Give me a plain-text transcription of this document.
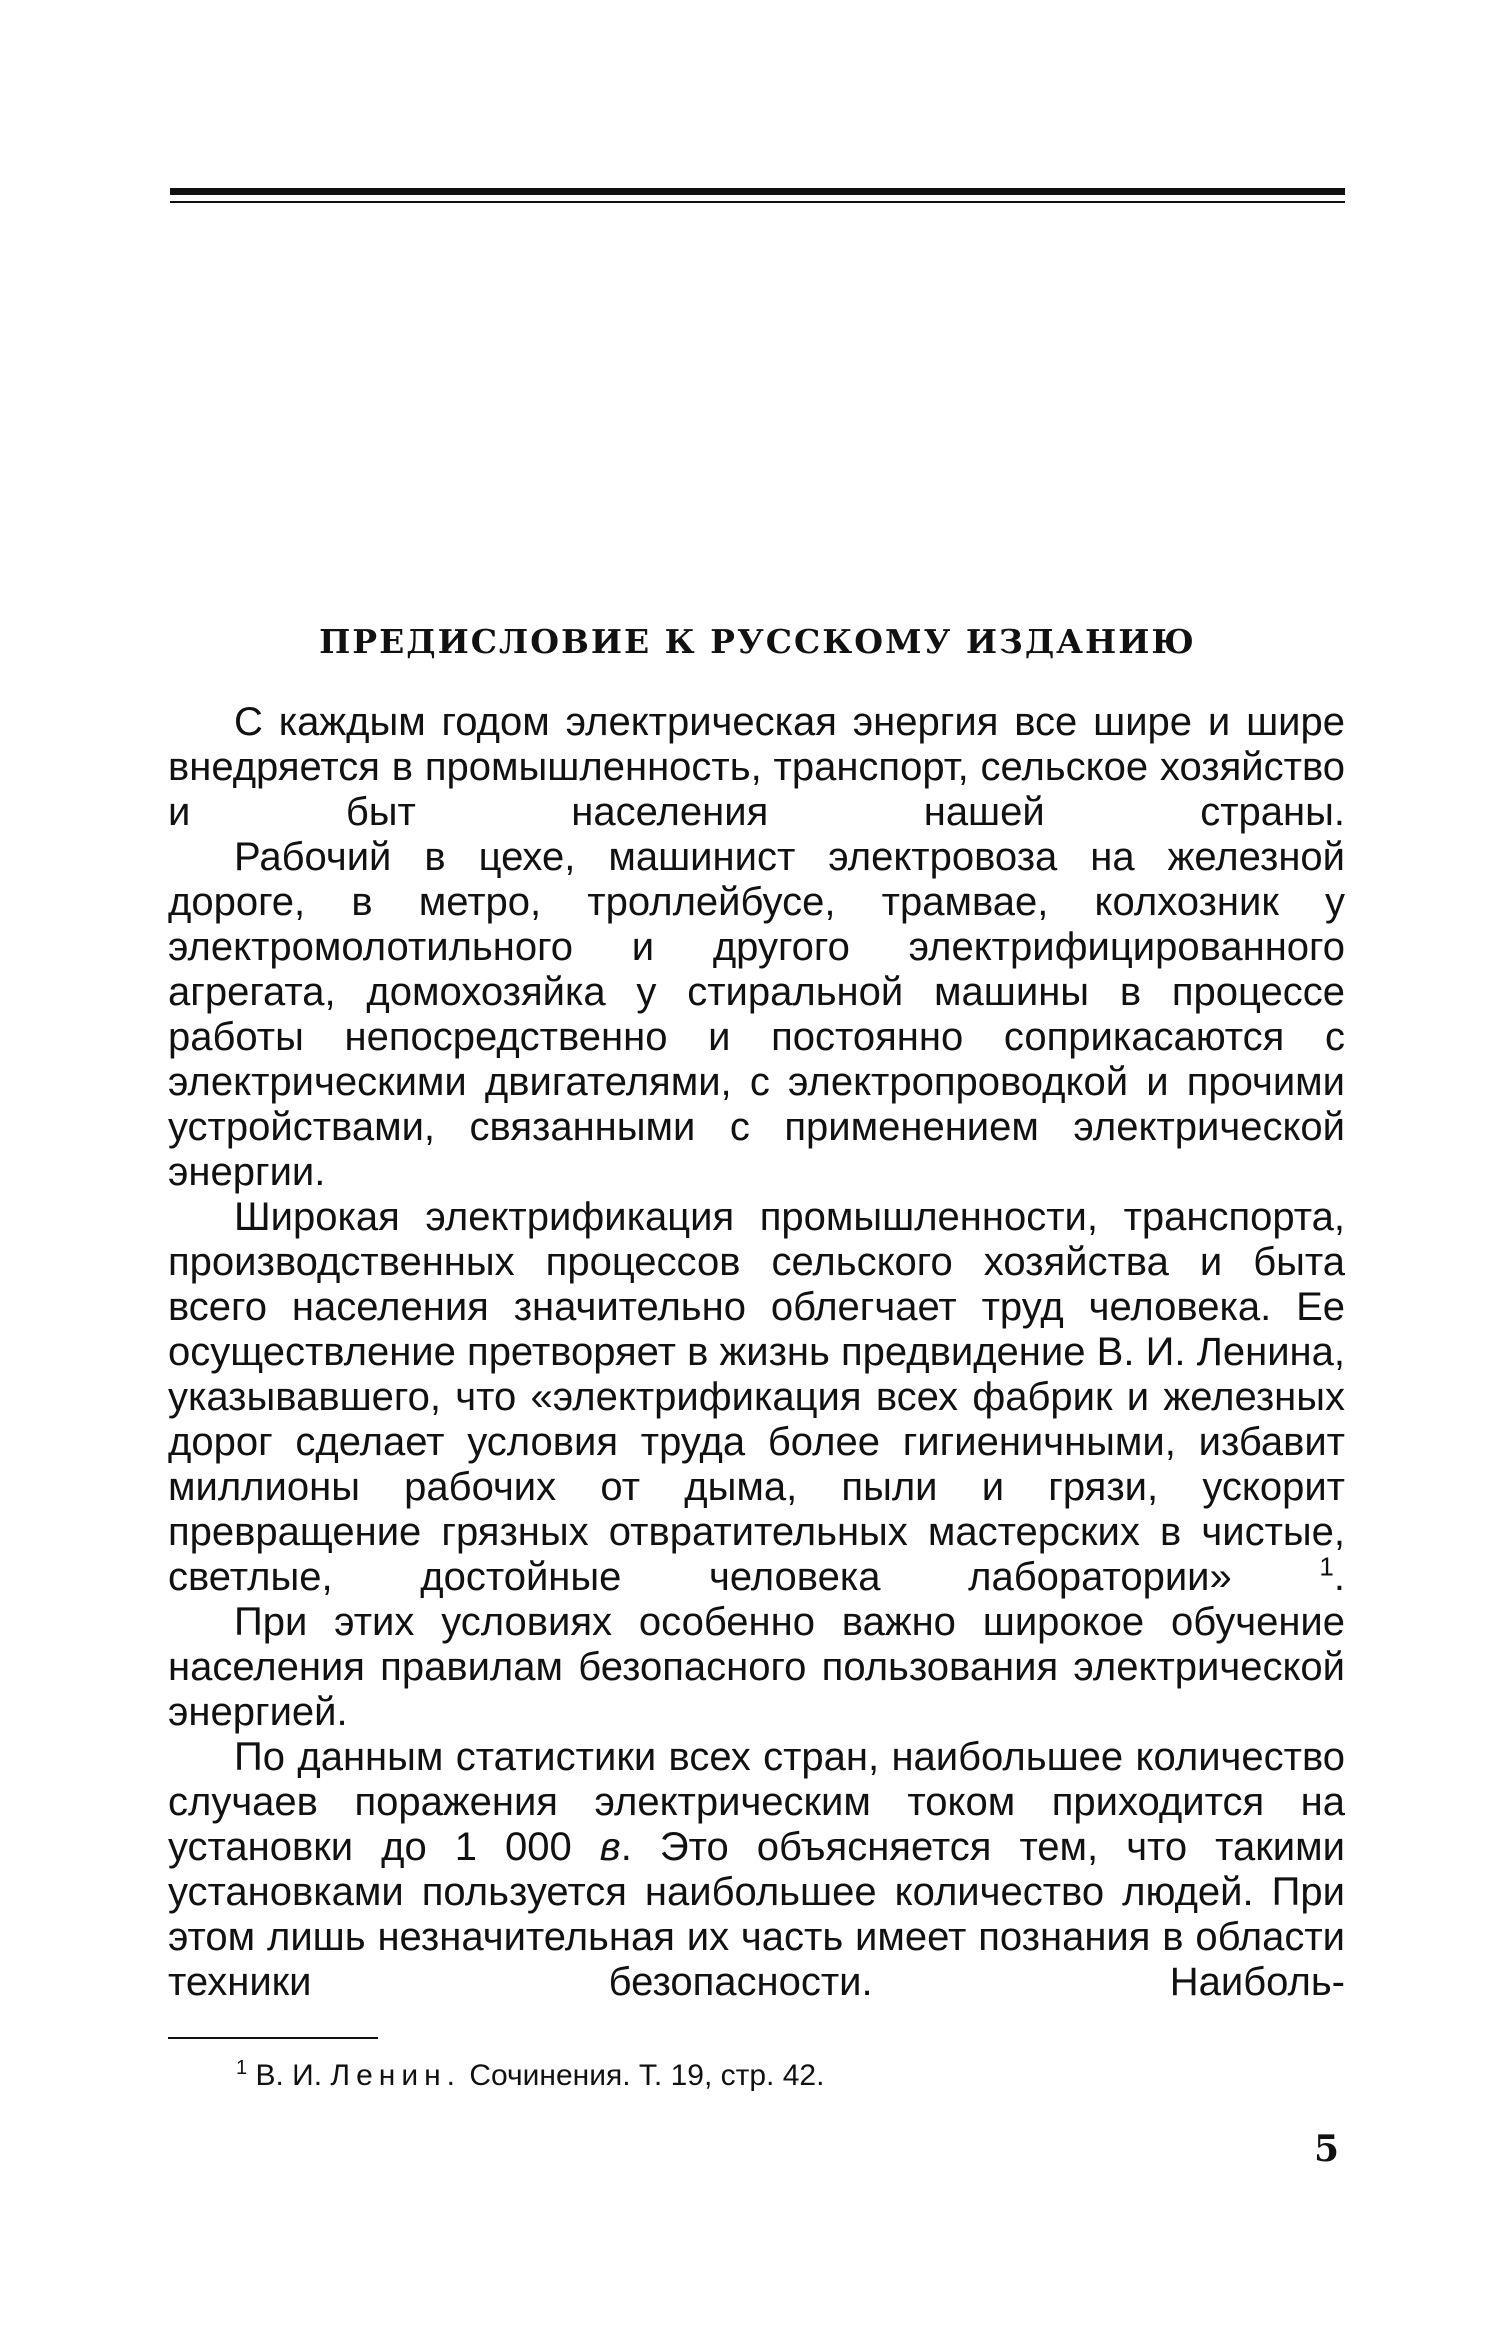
ПРЕДИСЛОВИЕ К РУССКОМУ ИЗДАНИЮ

С каждым годом электрическая энергия все шире и шире внедряется в промышленность, транспорт, сельское хозяйство и быт населения нашей страны.

Рабочий в цехе, машинист электровоза на железной дороге, в метро, троллейбусе, трамвае, колхозник у электромолотильного и другого электрифицированного агрегата, домохозяйка у стиральной машины в процессе работы непосредственно и постоянно соприкасаются с электрическими двигателями, с электропроводкой и прочими устройствами, связанными с применением электрической энергии.

Широкая электрификация промышленности, транспорта, производственных процессов сельского хозяйства и быта всего населения значительно облегчает труд человека. Ее осуществление претворяет в жизнь предвидение В. И. Ленина, указывавшего, что «электрификация всех фабрик и железных дорог сделает условия труда более гигиеничными, избавит миллионы рабочих от дыма, пыли и грязи, ускорит превращение грязных отвратительных мастерских в чистые, светлые, достойные человека лаборатории»	$^1$.

При этих условиях особенно важно широкое обучение населения правилам безопасного пользования электрической энергией.

По данным статистики всех стран, наибольшее количество случаев поражения электрическим током приходится на установки до 1 000 в. Это объясняется тем, что такими установками пользуется наибольшее количество людей. При этом лишь незначительная их часть имеет познания в области техники безопасности. Наиболь-

$^1$ В. И. Ленин. Сочинения. Т. 19, стр. 42.

5
